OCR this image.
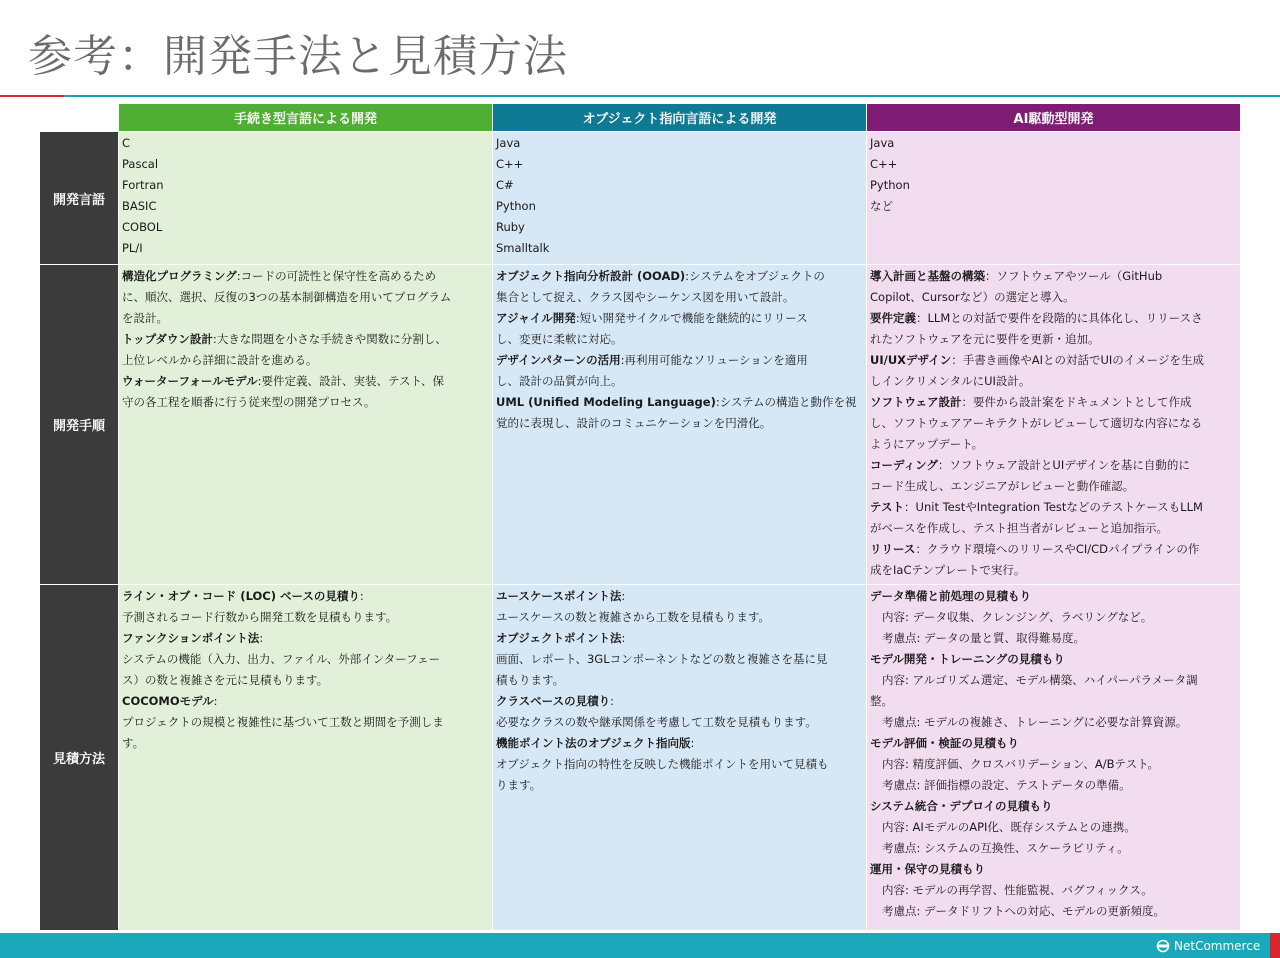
参考：開発手法と見積方法
手続き型言語による開発	オブジェクト指向言語による開発	AI駆動型開発
開発言語
C
Pascal
Fortran
BASIC
COBOL
PL/I
Java
C++
C#
Python
Ruby
Smalltalk
Java
C++
Python
など
開発手順
構造化プログラミング:コードの可読性と保守性を高めるため
に、順次、選択、反復の3つの基本制御構造を用いてプログラム
を設計。
トップダウン設計:大きな問題を小さな手続きや関数に分割し、
上位レベルから詳細に設計を進める。
ウォーターフォールモデル:要件定義、設計、実装、テスト、保
守の各工程を順番に行う従来型の開発プロセス。
オブジェクト指向分析設計 (OOAD):システムをオブジェクトの
集合として捉え、クラス図やシーケンス図を用いて設計。
アジャイル開発:短い開発サイクルで機能を継続的にリリース
し、変更に柔軟に対応。
デザインパターンの活用:再利用可能なソリューションを適用
し、設計の品質が向上。
UML (Unified Modeling Language):システムの構造と動作を視
覚的に表現し、設計のコミュニケーションを円滑化。
導入計画と基盤の構築：ソフトウェアやツール（GitHub
Copilot、Cursorなど）の選定と導入。
要件定義：LLMとの対話で要件を段階的に具体化し、リリースさ
れたソフトウェアを元に要件を更新・追加。
UI/UXデザイン：手書き画像やAIとの対話でUIのイメージを生成
しインクリメンタルにUI設計。
ソフトウェア設計：要件から設計案をドキュメントとして作成
し、ソフトウェアアーキテクトがレビューして適切な内容になる
ようにアップデート。
コーディング：ソフトウェア設計とUIデザインを基に自動的に
コード生成し、エンジニアがレビューと動作確認。
テスト：Unit TestやIntegration TestなどのテストケースもLLM
がベースを作成し、テスト担当者がレビューと追加指示。
リリース：クラウド環境へのリリースやCI/CDパイプラインの作
成をIaCテンプレートで実行。
見積方法
ライン・オブ・コード (LOC) ベースの見積り:
予測されるコード行数から開発工数を見積もります。
ファンクションポイント法:
システムの機能（入力、出力、ファイル、外部インターフェー
ス）の数と複雑さを元に見積もります。
COCOMOモデル:
プロジェクトの規模と複雑性に基づいて工数と期間を予測しま
す。
ユースケースポイント法:
ユースケースの数と複雑さから工数を見積もります。
オブジェクトポイント法:
画面、レポート、3GLコンポーネントなどの数と複雑さを基に見
積もります。
クラスベースの見積り:
必要なクラスの数や継承関係を考慮して工数を見積もります。
機能ポイント法のオブジェクト指向版:
オブジェクト指向の特性を反映した機能ポイントを用いて見積も
ります。
データ準備と前処理の見積もり
内容: データ収集、クレンジング、ラベリングなど。
考慮点: データの量と質、取得難易度。
モデル開発・トレーニングの見積もり
内容: アルゴリズム選定、モデル構築、ハイパーパラメータ調
整。
考慮点: モデルの複雑さ、トレーニングに必要な計算資源。
モデル評価・検証の見積もり
内容: 精度評価、クロスバリデーション、A/Bテスト。
考慮点: 評価指標の設定、テストデータの準備。
システム統合・デプロイの見積もり
内容: AIモデルのAPI化、既存システムとの連携。
考慮点: システムの互換性、スケーラビリティ。
運用・保守の見積もり
内容: モデルの再学習、性能監視、バグフィックス。
考慮点: データドリフトへの対応、モデルの更新頻度。
NetCommerce
